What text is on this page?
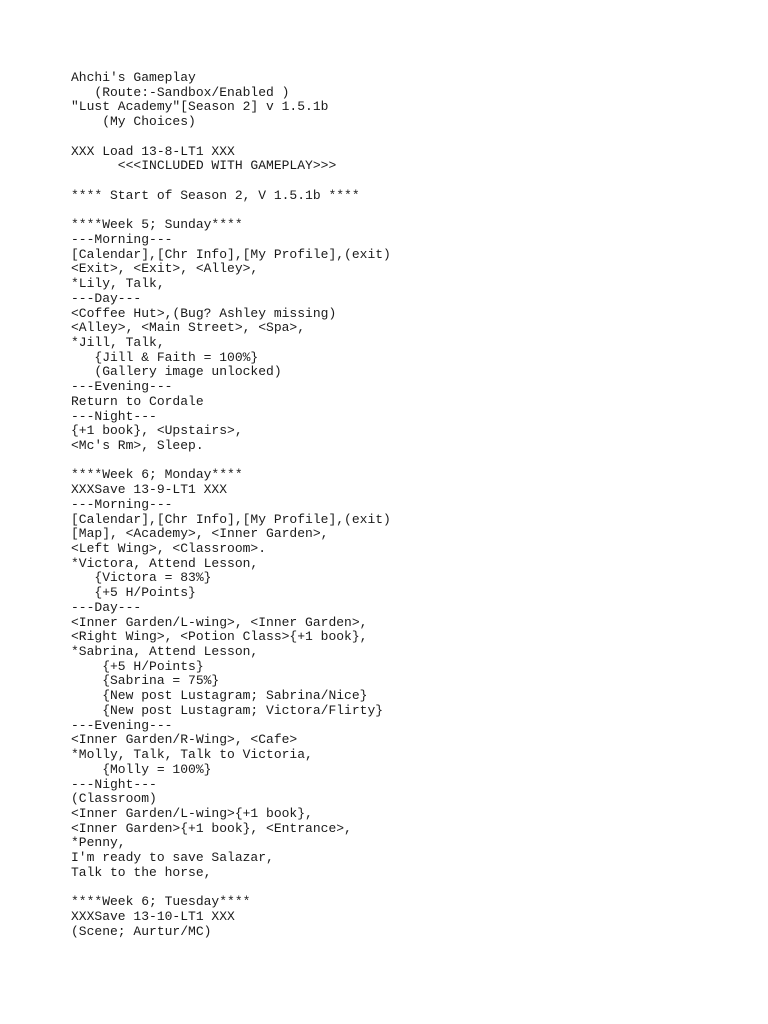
Ahchi's Gameplay
(Route:-Sandbox/Enabled )
"Lust Academy"[Season 2] v 1.5.1b
(My Choices)
XXX Load 13-8-LT1 XXX
<<<INCLUDED WITH GAMEPLAY>>>
**** Start of Season 2, V 1.5.1b ****
****Week 5; Sunday****
---Morning---
[Calendar],[Chr Info],[My Profile],(exit)
<Exit>, <Exit>, <Alley>,
*Lily, Talk,
---Day---
<Coffee Hut>,(Bug? Ashley missing)
<Alley>, <Main Street>, <Spa>,
*Jill, Talk,
{Jill & Faith = 100%}
(Gallery image unlocked)
---Evening---
Return to Cordale
---Night---
{+1 book}, <Upstairs>,
<Mc's Rm>, Sleep.
****Week 6; Monday****
XXXSave 13-9-LT1 XXX
---Morning---
[Calendar],[Chr Info],[My Profile],(exit)
[Map], <Academy>, <Inner Garden>,
<Left Wing>, <Classroom>.
*Victora, Attend Lesson,
{Victora = 83%}
{+5 H/Points}
---Day---
<Inner Garden/L-wing>, <Inner Garden>,
<Right Wing>, <Potion Class>{+1 book},
*Sabrina, Attend Lesson,
{+5 H/Points}
{Sabrina = 75%}
{New post Lustagram; Sabrina/Nice}
{New post Lustagram; Victora/Flirty}
---Evening---
<Inner Garden/R-Wing>, <Cafe>
*Molly, Talk, Talk to Victoria,
{Molly = 100%}
---Night---
(Classroom)
<Inner Garden/L-wing>{+1 book},
<Inner Garden>{+1 book}, <Entrance>,
*Penny,
I'm ready to save Salazar,
Talk to the horse,
****Week 6; Tuesday****
XXXSave 13-10-LT1 XXX
(Scene; Aurtur/MC)
